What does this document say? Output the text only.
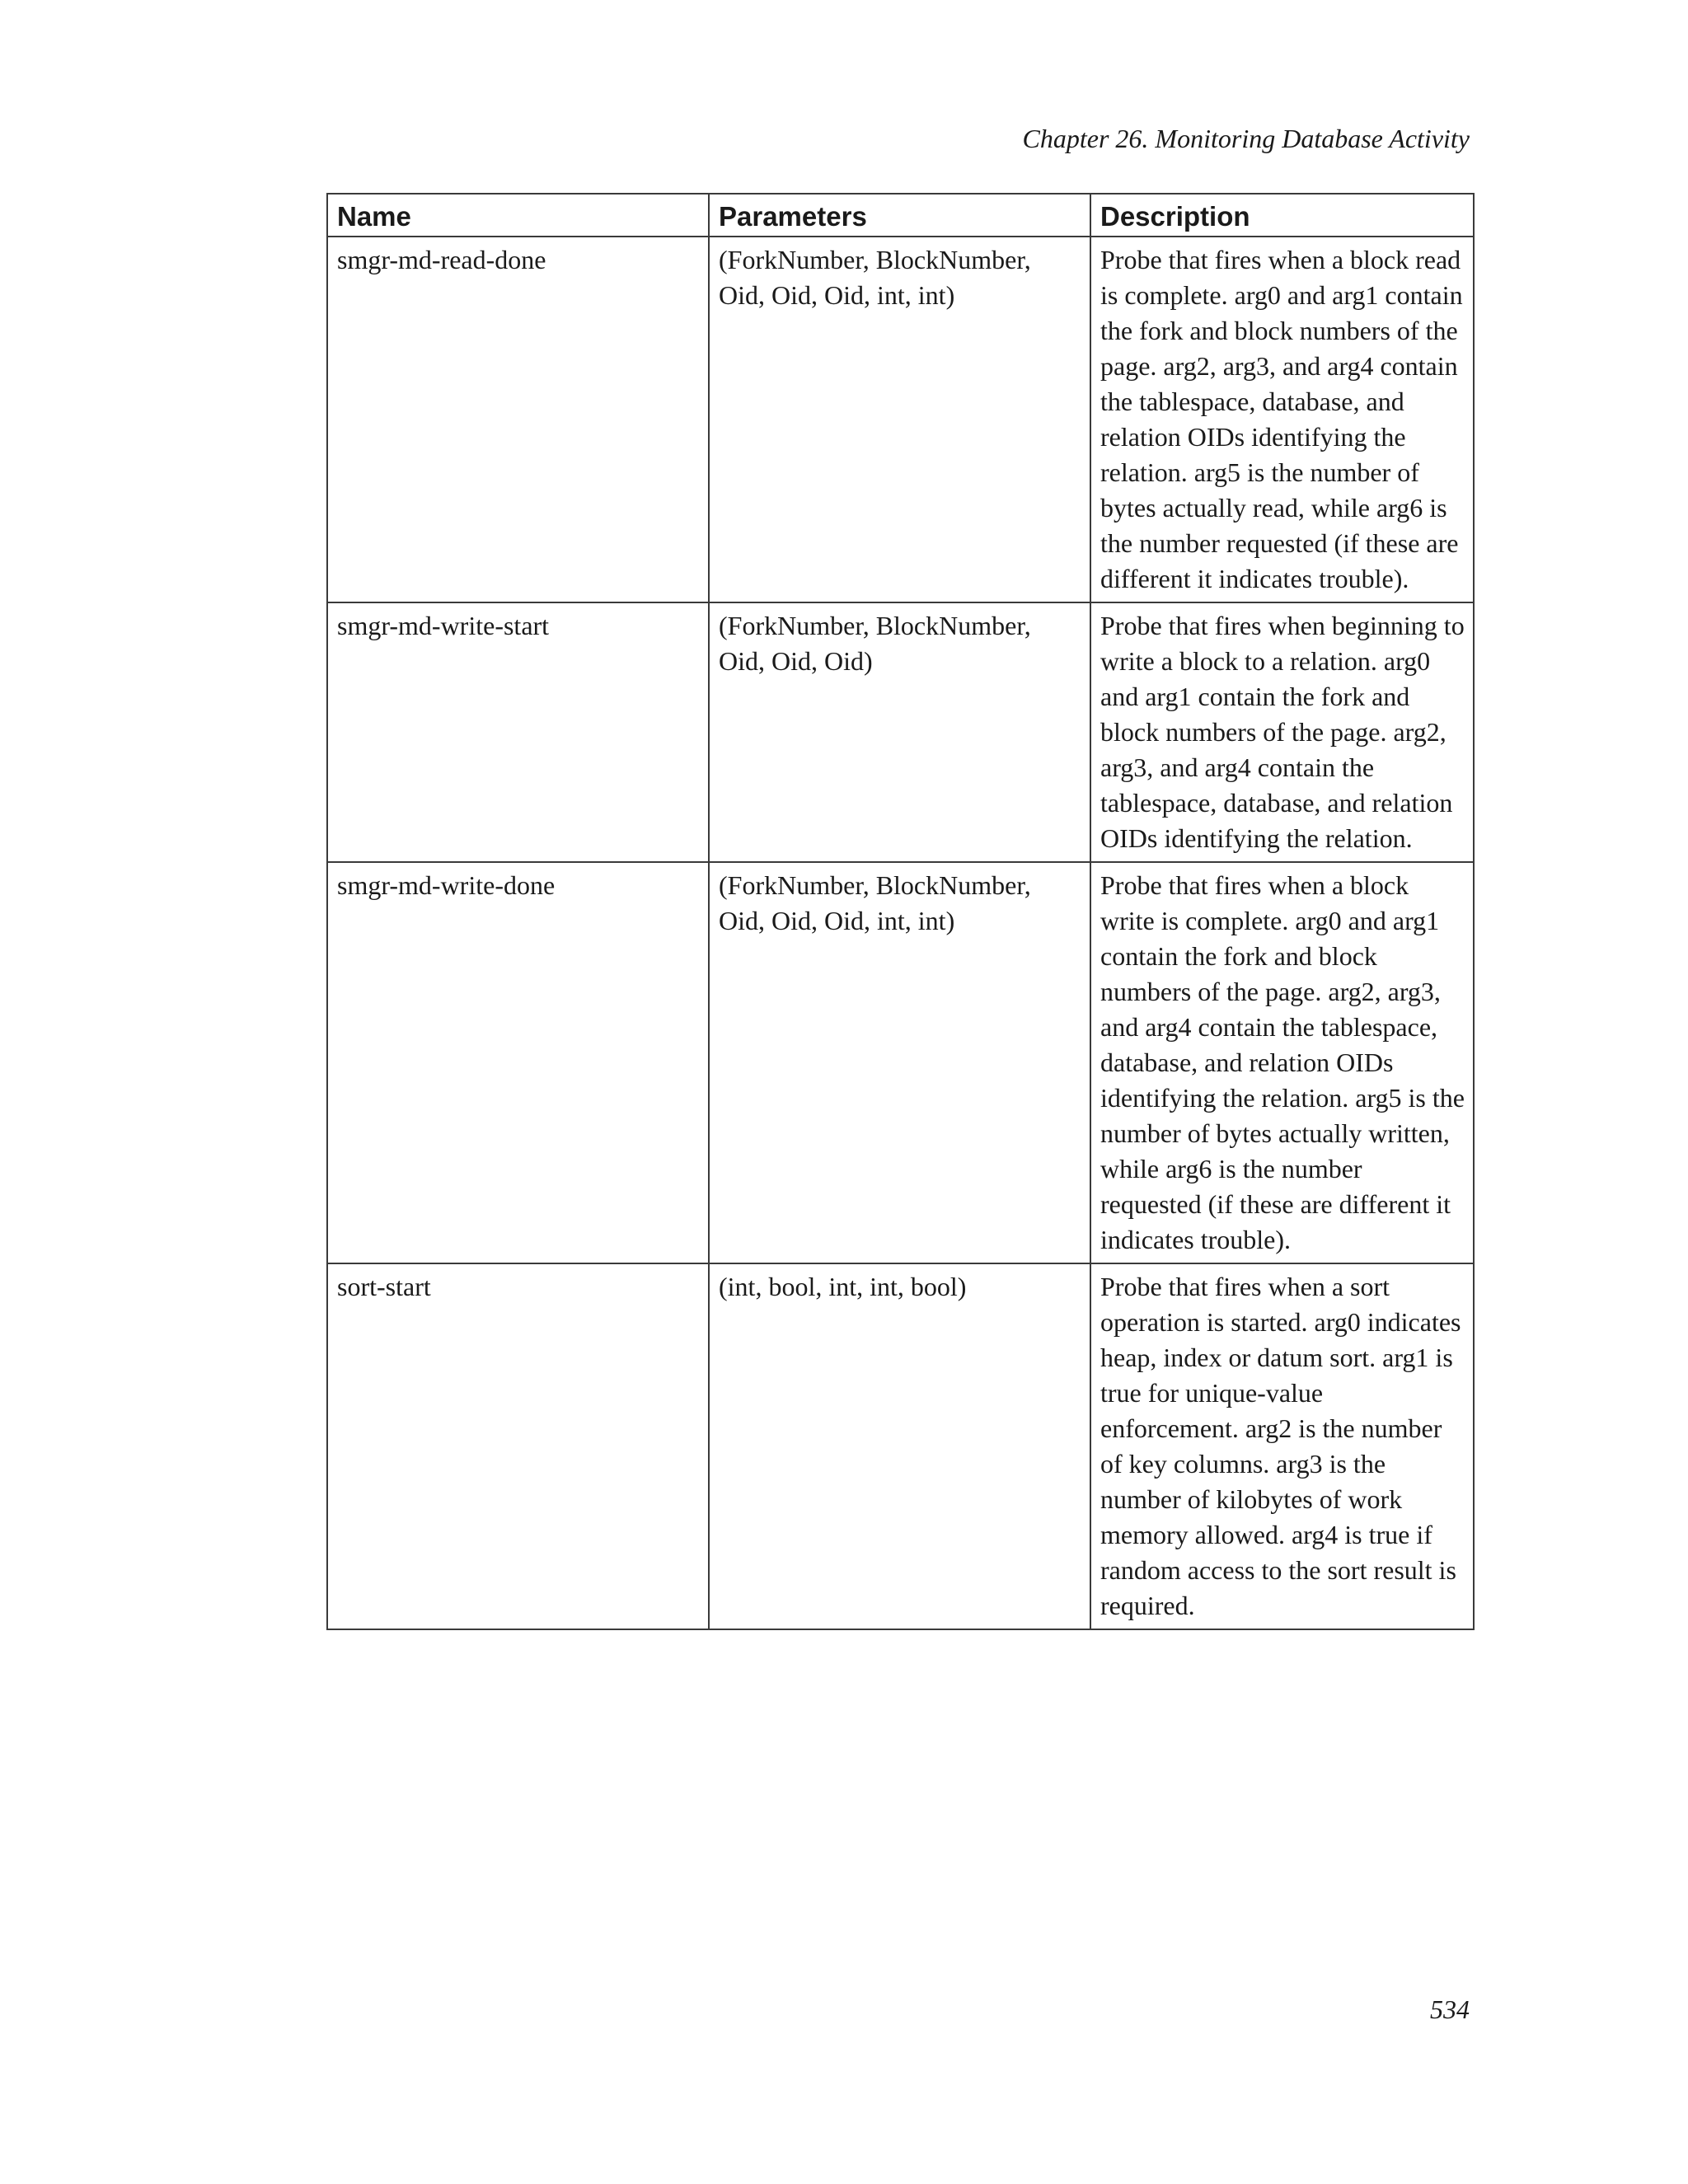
Chapter 26. Monitoring Database Activity
Name	Parameters	Description
smgr-md-read-done	(ForkNumber, BlockNumber, Oid, Oid, Oid, int, int)	Probe that fires when a block read is complete. arg0 and arg1 contain the fork and block numbers of the page. arg2, arg3, and arg4 contain the tablespace, database, and relation OIDs identifying the relation. arg5 is the number of bytes actually read, while arg6 is the number requested (if these are different it indicates trouble).
smgr-md-write-start	(ForkNumber, BlockNumber, Oid, Oid, Oid)	Probe that fires when beginning to write a block to a relation. arg0 and arg1 contain the fork and block numbers of the page. arg2, arg3, and arg4 contain the tablespace, database, and relation OIDs identifying the relation.
smgr-md-write-done	(ForkNumber, BlockNumber, Oid, Oid, Oid, int, int)	Probe that fires when a block write is complete. arg0 and arg1 contain the fork and block numbers of the page. arg2, arg3, and arg4 contain the tablespace, database, and relation OIDs identifying the relation. arg5 is the number of bytes actually written, while arg6 is the number requested (if these are different it indicates trouble).
sort-start	(int, bool, int, int, bool)	Probe that fires when a sort operation is started. arg0 indicates heap, index or datum sort. arg1 is true for unique-value enforcement. arg2 is the number of key columns. arg3 is the number of kilobytes of work memory allowed. arg4 is true if random access to the sort result is required.
534
